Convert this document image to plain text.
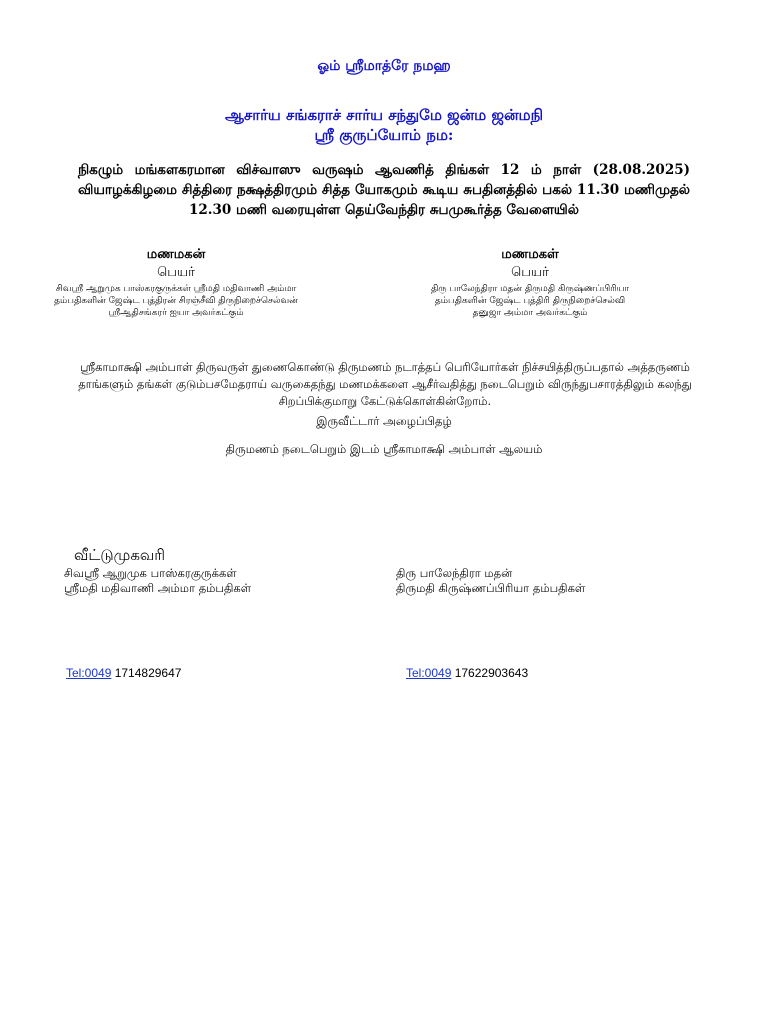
ஓம் ஸ்ரீமாத்ரே நமஹ
ஆசார்ய சங்கராச் சார்ய சந்துமே ஜன்ம ஜன்மநி
ஸ்ரீ குருப்யோம் நம:
நிகழும் மங்களகரமான விச்வாஸு வருஷம் ஆவணித் திங்கள் 12 ம் நாள் (28.08.2025) வியாழக்கிழமை சித்திரை நக்ஷத்திரமும் சித்த யோகமும் கூடிய சுபதினத்தில் பகல் 11.30 மணிமுதல் 12.30 மணி வரையுள்ள தெய்வேந்திர சுபமுகூர்த்த வேளையில்
மணமகன்
பெயர்
சிவஸ்ரீ ஆறுமுக பாஸ்கரகுருக்கள் ஸ்ரீமதி மதிவாணி அம்மா
தம்பதிகளின் ஜேஷ்ட புத்திரன் சிரஞ்சீவி திருநிறைச்செல்வன்
ஸ்ரீஆதிசங்கரர் ஐயா அவர்கட்கும்
மணமகள்
பெயர்
திரு பாலேந்திரா மதன் திருமதி கிருஷ்ணப்பிரியா
தம்பதிகளின் ஜேஷ்ட புத்திரி திருநிறைச்செல்வி
தனுஜா அம்மா அவர்கட்கும்
ஸ்ரீகாமாக்ஷி அம்பாள் திருவருள் துணைகொண்டு திருமணம் நடாத்தப் பெரியோர்கள் நிச்சயித்திருப்பதால் அத்தருணம் தாங்களும் தங்கள் குடும்பசமேதராய் வருகைதந்து மணமக்களை ஆசீர்வதித்து நடைபெறும் விருந்துபசாரத்திலும் கலந்து சிறப்பிக்குமாறு கேட்டுக்கொள்கின்றோம்.
இருவீட்டார் அழைப்பிதழ்
திருமணம் நடைபெறும் இடம் ஸ்ரீகாமாக்ஷி அம்பாள் ஆலயம்
வீட்டுமுகவரி
சிவஸ்ரீ ஆறுமுக பாஸ்கரகுருக்கள்
ஸ்ரீமதி மதிவாணி அம்மா தம்பதிகள்
திரு பாலேந்திரா மதன்
திருமதி கிருஷ்ணப்பிரியா தம்பதிகள்
Tel:0049 1714829647	Tel:0049 17622903643
